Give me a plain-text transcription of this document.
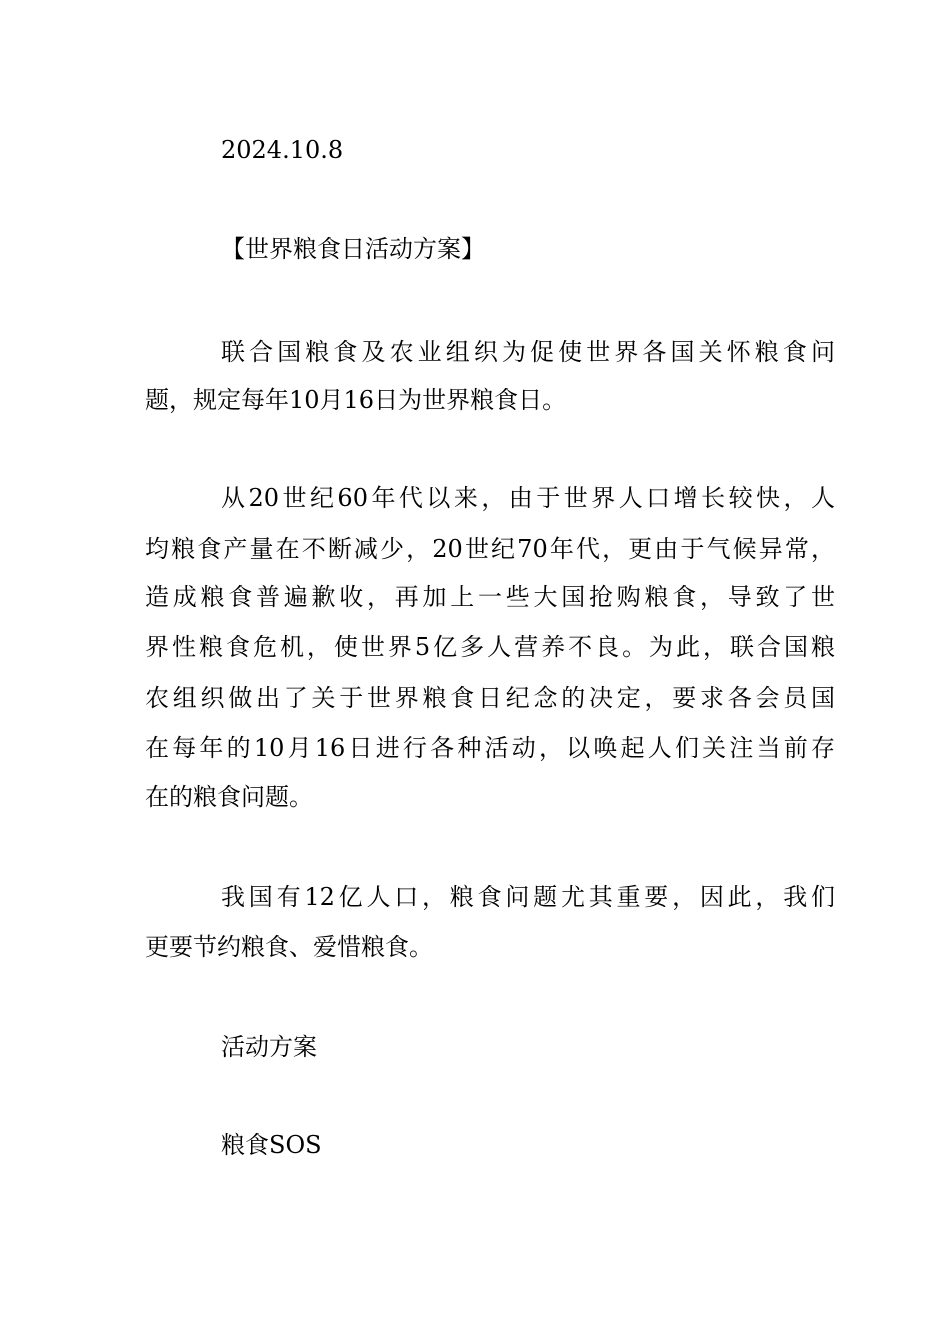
2024.10.8
【世界粮食日活动方案】
联合国粮食及农业组织为促使世界各国关怀粮食问
题，规定每年10月16日为世界粮食日。
从20世纪60年代以来，由于世界人口增长较快，人
均粮食产量在不断减少，20世纪70年代，更由于气候异常，
造成粮食普遍歉收，再加上一些大国抢购粮食，导致了世
界性粮食危机，使世界5亿多人营养不良。为此，联合国粮
农组织做出了关于世界粮食日纪念的决定，要求各会员国
在每年的10月16日进行各种活动，以唤起人们关注当前存
在的粮食问题。
我国有12亿人口，粮食问题尤其重要，因此，我们
更要节约粮食、爱惜粮食。
活动方案
粮食SOS
